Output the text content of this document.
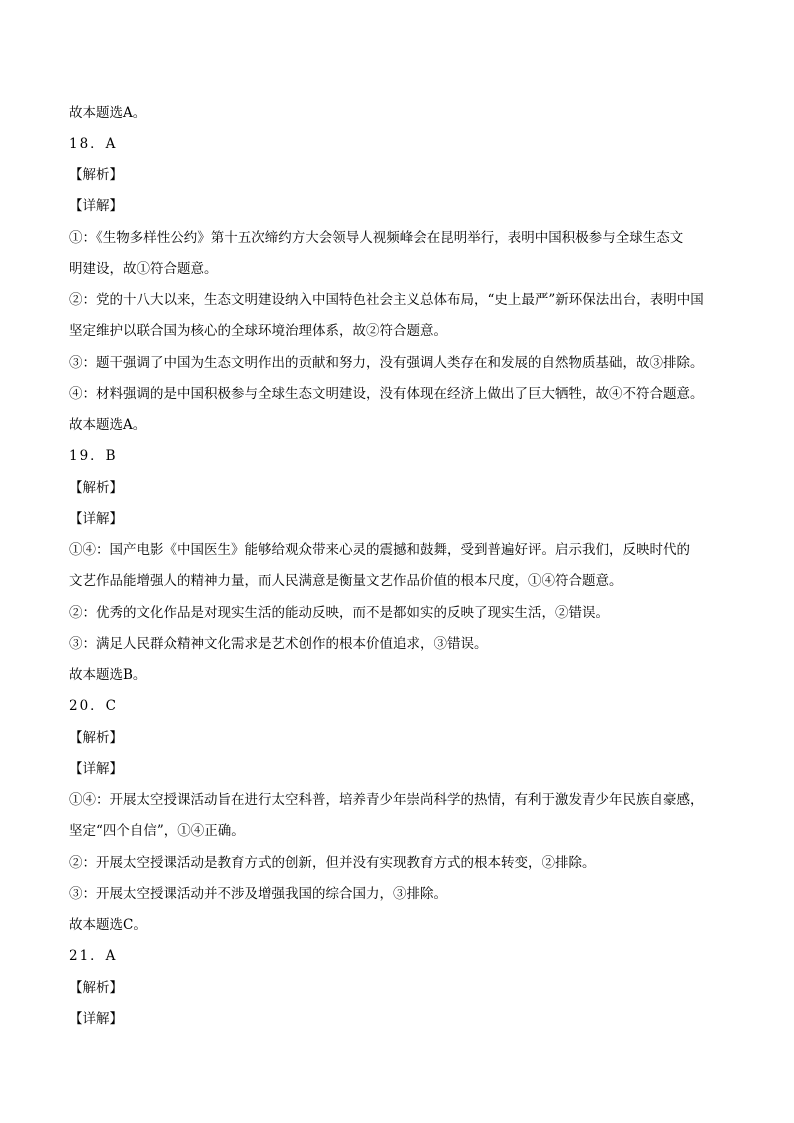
故本题选A。
18．A
【解析】
【详解】
①：《生物多样性公约》第十五次缔约方大会领导人视频峰会在昆明举行，表明中国积极参与全球生态文
明建设，故①符合题意。
②：党的十八大以来，生态文明建设纳入中国特色社会主义总体布局，“史上最严”新环保法出台，表明中国
坚定维护以联合国为核心的全球环境治理体系，故②符合题意。
③：题干强调了中国为生态文明作出的贡献和努力，没有强调人类存在和发展的自然物质基础，故③排除。
④：材料强调的是中国积极参与全球生态文明建设，没有体现在经济上做出了巨大牺牲，故④不符合题意。
故本题选A。
19．B
【解析】
【详解】
①④：国产电影《中国医生》能够给观众带来心灵的震撼和鼓舞，受到普遍好评。启示我们，反映时代的
文艺作品能增强人的精神力量，而人民满意是衡量文艺作品价值的根本尺度，①④符合题意。
②：优秀的文化作品是对现实生活的能动反映，而不是都如实的反映了现实生活，②错误。
③：满足人民群众精神文化需求是艺术创作的根本价值追求，③错误。
故本题选B。
20．C
【解析】
【详解】
①④：开展太空授课活动旨在进行太空科普，培养青少年崇尚科学的热情，有利于激发青少年民族自豪感，
坚定“四个自信”，①④正确。
②：开展太空授课活动是教育方式的创新，但并没有实现教育方式的根本转变，②排除。
③：开展太空授课活动并不涉及增强我国的综合国力，③排除。
故本题选C。
21．A
【解析】
【详解】
